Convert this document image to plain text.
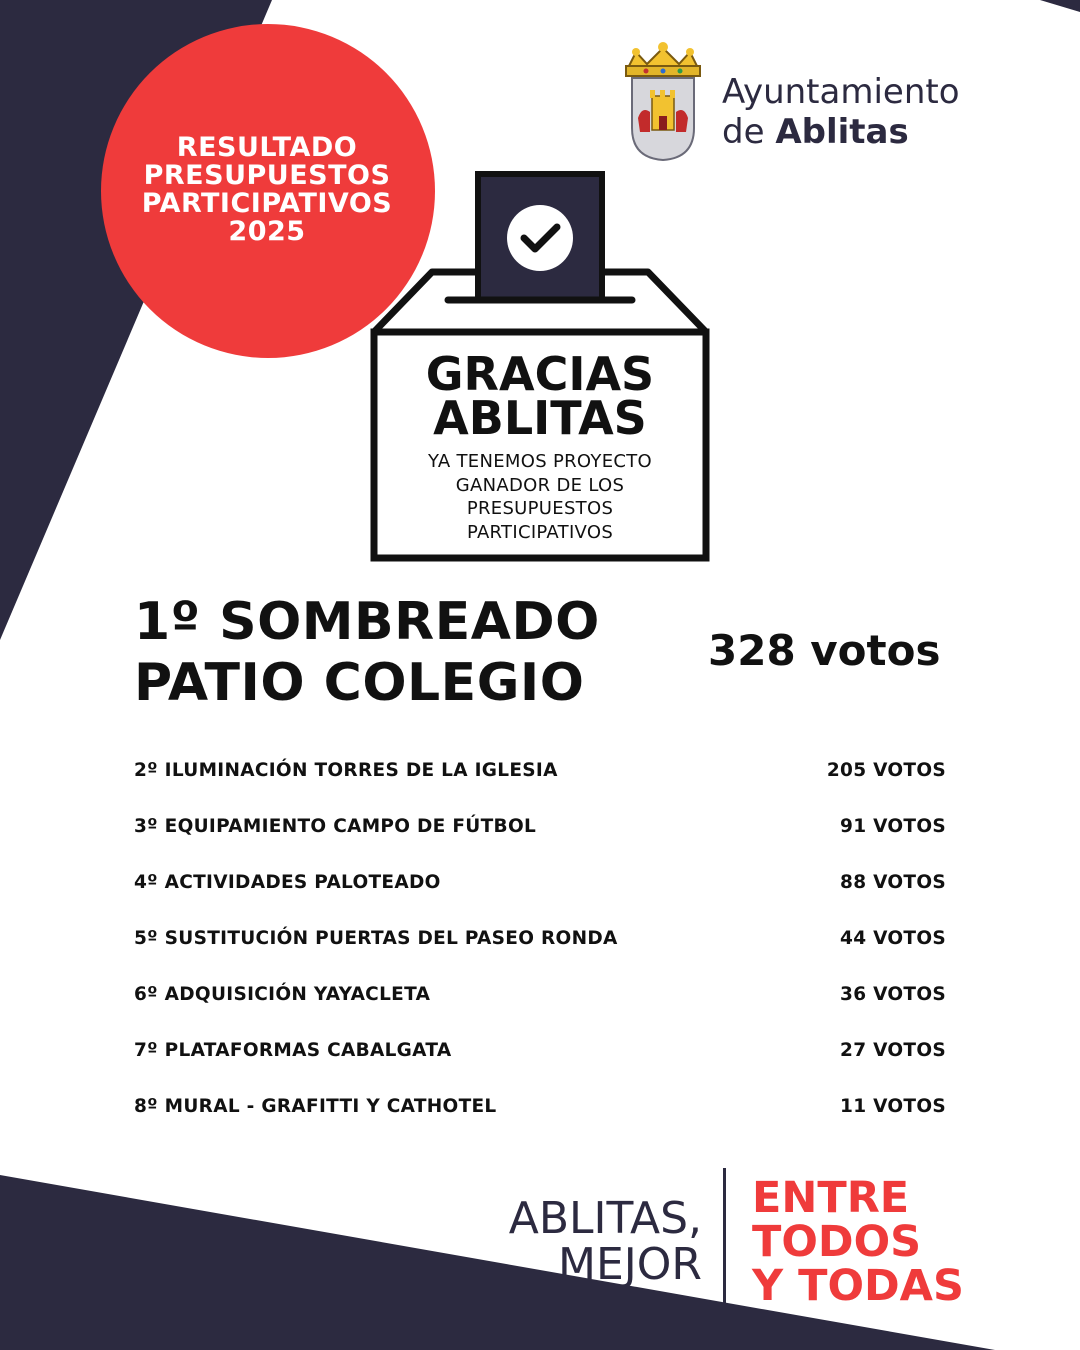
RESULTADO
PRESUPUESTOS
PARTICIPATIVOS
2025
Ayuntamiento
de Ablitas
GRACIAS
ABLITAS
YA TENEMOS PROYECTO
GANADOR DE LOS
PRESUPUESTOS
PARTICIPATIVOS
1º SOMBREADO
PATIO COLEGIO
328 votos
2º ILUMINACIÓN TORRES DE LA IGLESIA	205 VOTOS
3º EQUIPAMIENTO CAMPO DE FÚTBOL	91 VOTOS
4º ACTIVIDADES PALOTEADO	88 VOTOS
5º SUSTITUCIÓN PUERTAS DEL PASEO RONDA	44 VOTOS
6º ADQUISICIÓN YAYACLETA	36 VOTOS
7º PLATAFORMAS CABALGATA	27 VOTOS
8º MURAL - GRAFITTI Y CATHOTEL	11 VOTOS
ABLITAS,
MEJOR
ENTRE
TODOS
Y TODAS
